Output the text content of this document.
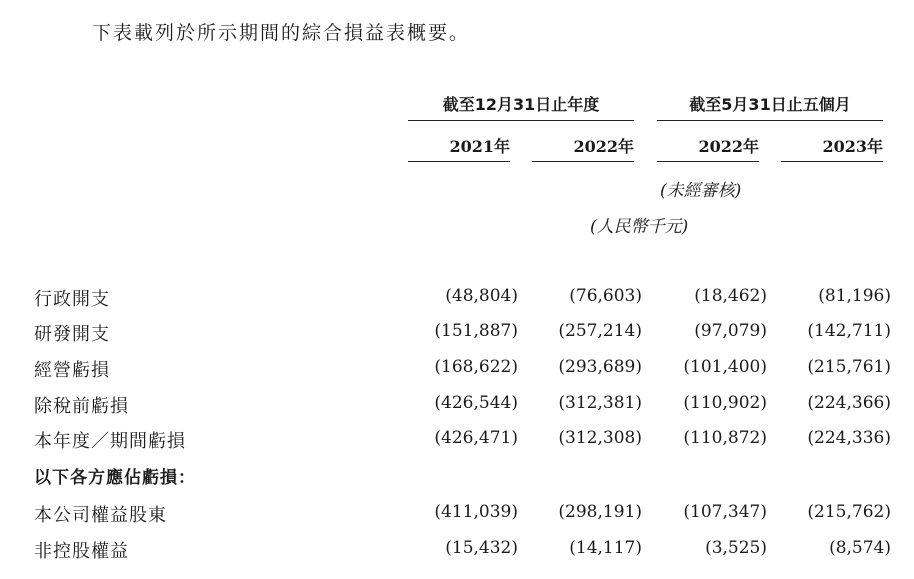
下表載列於所示期間的綜合損益表概要。
截至12月31日止年度	截至5月31日止五個月
2021年	2022年	2022年	2023年
(未經審核)
(人民幣千元)
行政開支	(48,804)	(76,603)	(18,462)	(81,196)
研發開支	(151,887)	(257,214)	(97,079)	(142,711)
經營虧損	(168,622)	(293,689)	(101,400)	(215,761)
除稅前虧損	(426,544)	(312,381)	(110,902)	(224,366)
本年度／期間虧損	(426,471)	(312,308)	(110,872)	(224,336)
以下各方應佔虧損：
本公司權益股東	(411,039)	(298,191)	(107,347)	(215,762)
非控股權益	(15,432)	(14,117)	(3,525)	(8,574)
